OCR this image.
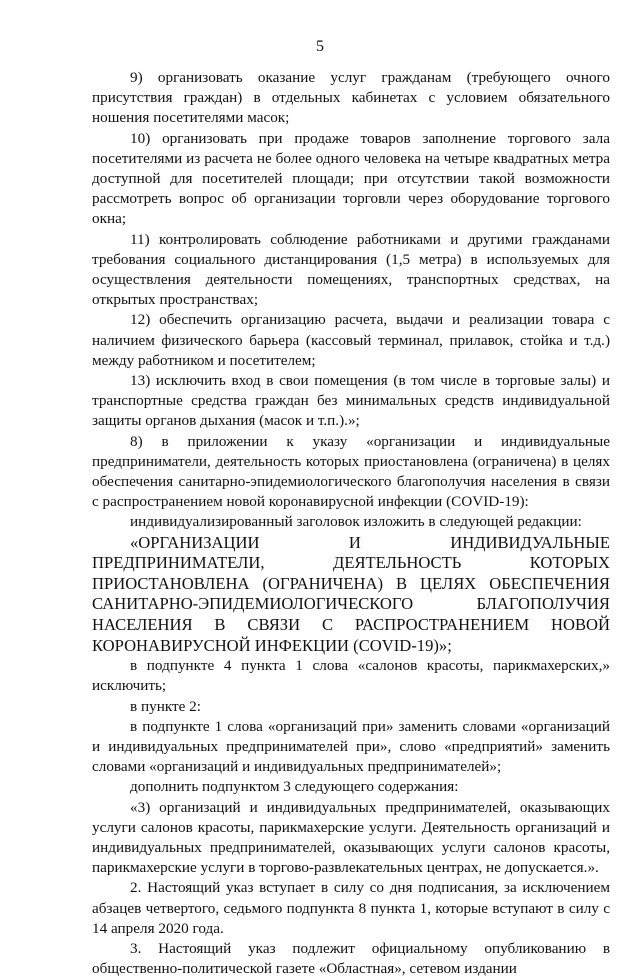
5

9) организовать оказание услуг гражданам (требующего очного присутствия граждан) в отдельных кабинетах с условием обязательного ношения посетителями масок;

10) организовать при продаже товаров заполнение торгового зала посетителями из расчета не более одного человека на четыре квадратных метра доступной для посетителей площади; при отсутствии такой возможности рассмотреть вопрос об организации торговли через оборудование торгового окна;

11) контролировать соблюдение работниками и другими гражданами требования социального дистанцирования (1,5 метра) в используемых для осуществления деятельности помещениях, транспортных средствах, на открытых пространствах;

12) обеспечить организацию расчета, выдачи и реализации товара с наличием физического барьера (кассовый терминал, прилавок, стойка и т.д.) между работником и посетителем;

13) исключить вход в свои помещения (в том числе в торговые залы) и транспортные средства граждан без минимальных средств индивидуальной защиты органов дыхания (масок и т.п.).»;

8) в приложении к указу «организации и индивидуальные предприниматели, деятельность которых приостановлена (ограничена) в целях обеспечения санитарно-эпидемиологического благополучия населения в связи с распространением новой коронавирусной инфекции (COVID-19):

индивидуализированный заголовок изложить в следующей редакции:

«ОРГАНИЗАЦИИ И ИНДИВИДУАЛЬНЫЕ ПРЕДПРИНИМАТЕЛИ, ДЕЯТЕЛЬНОСТЬ КОТОРЫХ ПРИОСТАНОВЛЕНА (ОГРАНИЧЕНА) В ЦЕЛЯХ ОБЕСПЕЧЕНИЯ САНИТАРНО-ЭПИДЕМИОЛОГИЧЕСКОГО БЛАГОПОЛУЧИЯ НАСЕЛЕНИЯ В СВЯЗИ С РАСПРОСТРАНЕНИЕМ НОВОЙ КОРОНАВИРУСНОЙ ИНФЕКЦИИ (COVID-19)»;

в подпункте 4 пункта 1 слова «салонов красоты, парикмахерских,» исключить;

в пункте 2:

в подпункте 1 слова «организаций при» заменить словами «организаций и индивидуальных предпринимателей при», слово «предприятий» заменить словами «организаций и индивидуальных предпринимателей»;

дополнить подпунктом 3 следующего содержания:

«3) организаций и индивидуальных предпринимателей, оказывающих услуги салонов красоты, парикмахерские услуги. Деятельность организаций и индивидуальных предпринимателей, оказывающих услуги салонов красоты, парикмахерские услуги в торгово-развлекательных центрах, не допускается.».

2. Настоящий указ вступает в силу со дня подписания, за исключением абзацев четвертого, седьмого подпункта 8 пункта 1, которые вступают в силу с 14 апреля 2020 года.

3. Настоящий указ подлежит официальному опубликованию в общественно-политической газете «Областная», сетевом издании
